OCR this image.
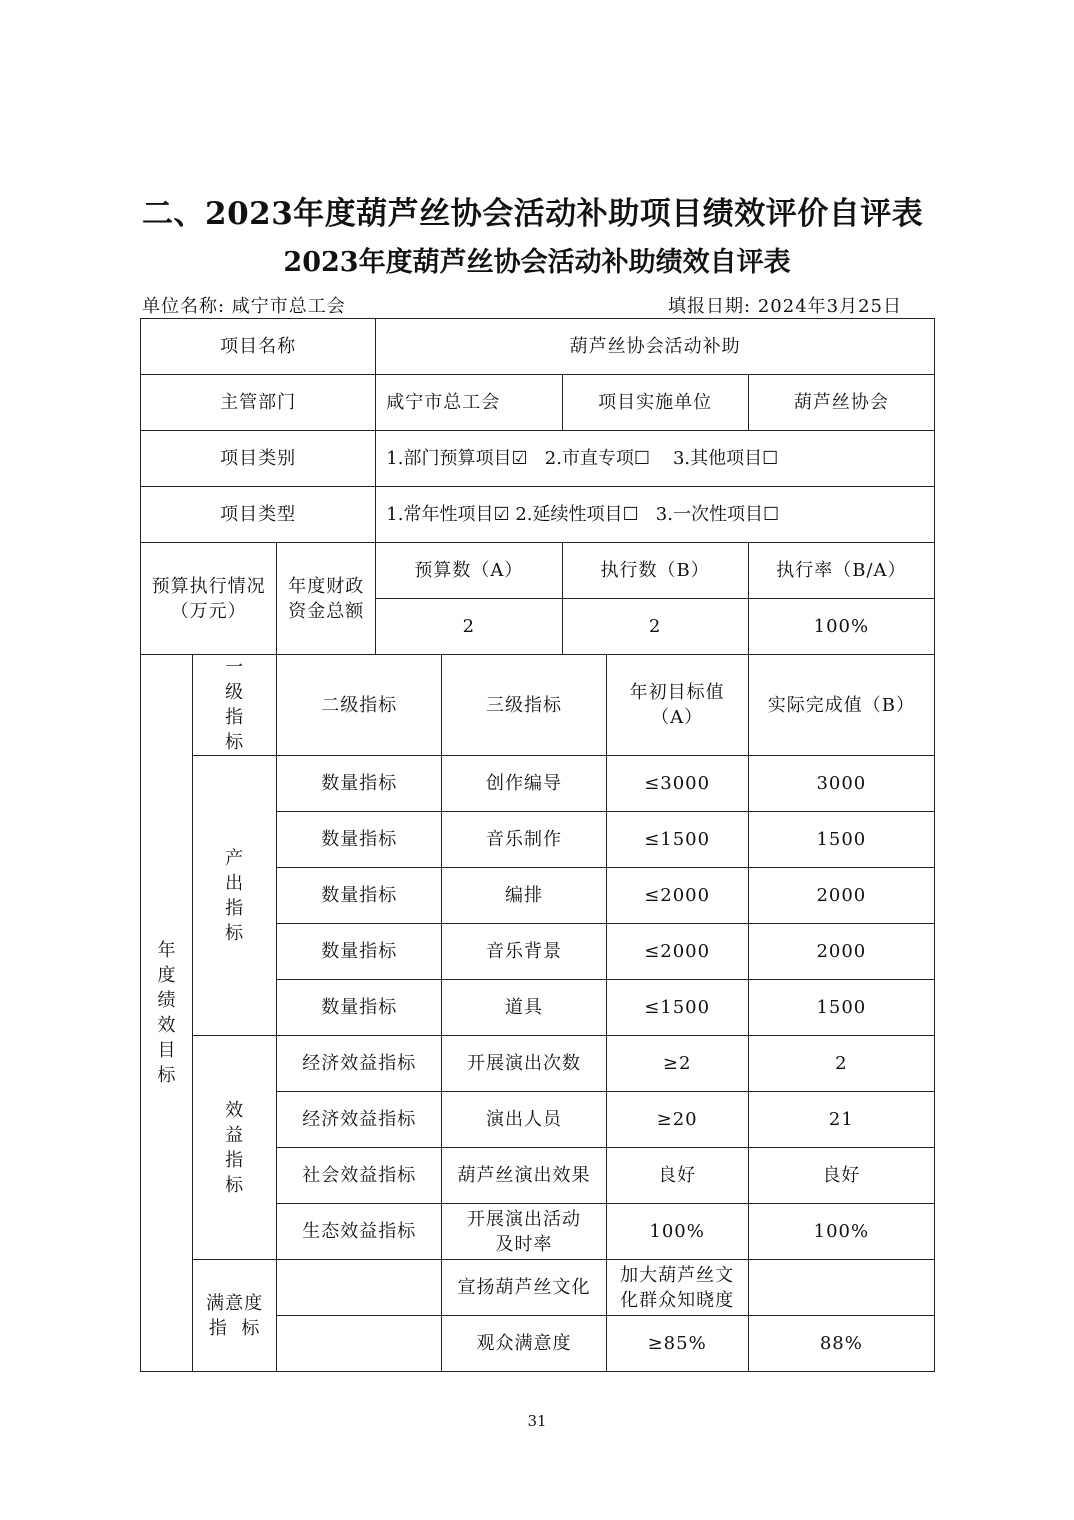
二、2023年度葫芦丝协会活动补助项目绩效评价自评表
2023年度葫芦丝协会活动补助绩效自评表
单位名称: 咸宁市总工会	填报日期: 2024年3月25日
项目名称			葫芦丝协会活动补助				
主管部门			咸宁市总工会		项目实施单位		葫芦丝协会
项目类别			1.部门预算项目☑   2.市直专项☐    3.其他项目☐				
项目类型			1.常年性项目☑ 2.延续性项目☐   3.一次性项目☐				
预算执行情况（万元）		年度财政资金总额	预算数（A）		执行数（B）		执行率（B/A）
			2		2		100%

年度绩效目标	一级指标	二级指标		三级指标		年初目标值（A）	实际完成值（B）

	产出指标	数量指标		创作编导		≤3000	3000
		数量指标		音乐制作		≤1500	1500
		数量指标		编排		≤2000	2000
		数量指标		音乐背景		≤2000	2000
		数量指标		道具		≤1500	1500

	效益指标	经济效益指标		开展演出次数		≥2	2
		经济效益指标		演出人员		≥20	21
		社会效益指标		葫芦丝演出效果		良好	良好
		生态效益指标		开展演出活动及时率		100%	100%

	满意度指  标			宣扬葫芦丝文化		加大葫芦丝文化群众知晓度	

				观众满意度		≥85%	88%
31
